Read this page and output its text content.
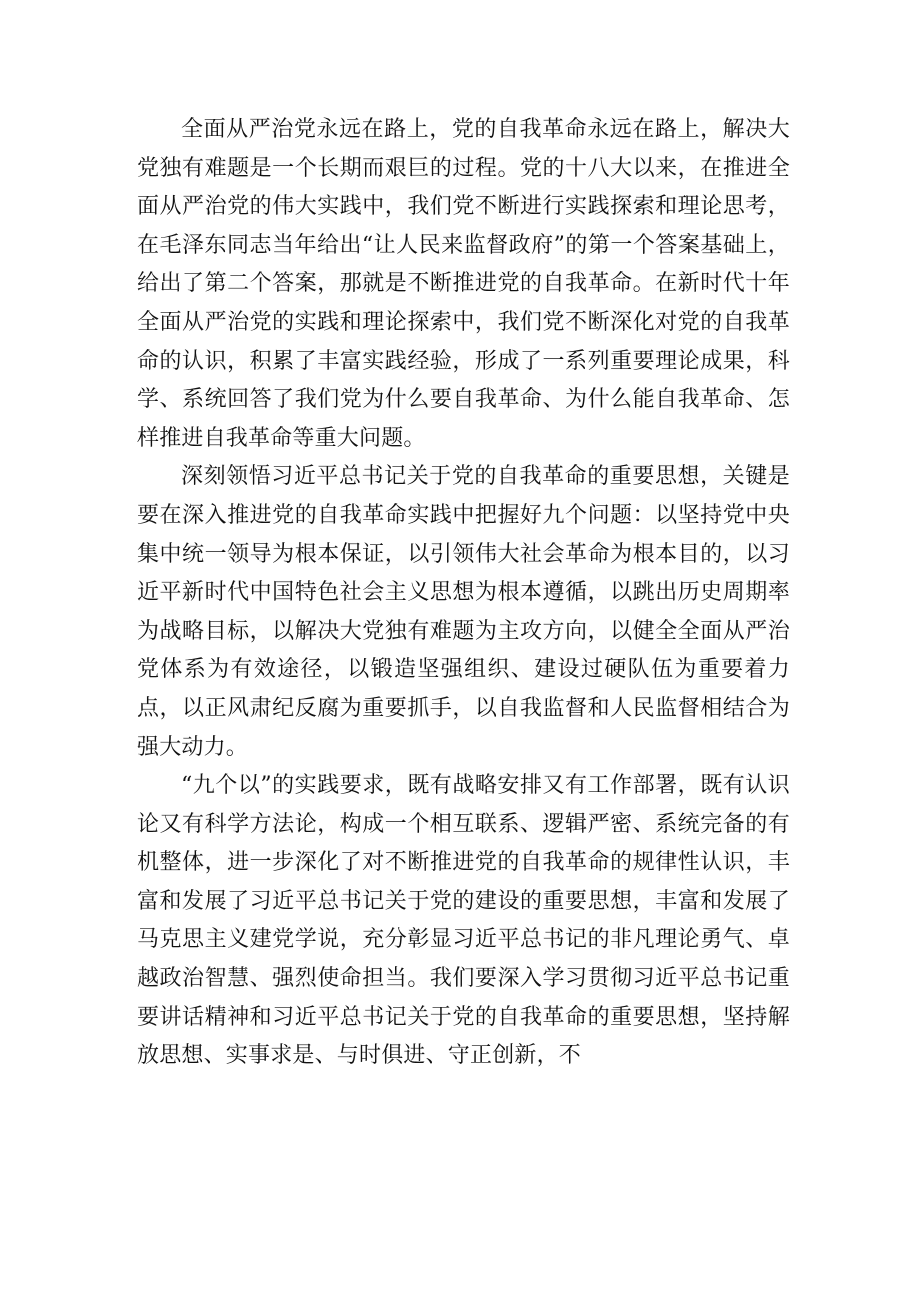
全面从严治党永远在路上，党的自我革命永远在路上，解决大党独有难题是一个长期而艰巨的过程。党的十八大以来，在推进全面从严治党的伟大实践中，我们党不断进行实践探索和理论思考，在毛泽东同志当年给出“让人民来监督政府”的第一个答案基础上，给出了第二个答案，那就是不断推进党的自我革命。在新时代十年全面从严治党的实践和理论探索中，我们党不断深化对党的自我革命的认识，积累了丰富实践经验，形成了一系列重要理论成果，科学、系统回答了我们党为什么要自我革命、为什么能自我革命、怎样推进自我革命等重大问题。

深刻领悟习近平总书记关于党的自我革命的重要思想，关键是要在深入推进党的自我革命实践中把握好九个问题：以坚持党中央集中统一领导为根本保证，以引领伟大社会革命为根本目的，以习近平新时代中国特色社会主义思想为根本遵循，以跳出历史周期率为战略目标，以解决大党独有难题为主攻方向，以健全全面从严治党体系为有效途径，以锻造坚强组织、建设过硬队伍为重要着力点，以正风肃纪反腐为重要抓手，以自我监督和人民监督相结合为强大动力。

“九个以”的实践要求，既有战略安排又有工作部署，既有认识论又有科学方法论，构成一个相互联系、逻辑严密、系统完备的有机整体，进一步深化了对不断推进党的自我革命的规律性认识，丰富和发展了习近平总书记关于党的建设的重要思想，丰富和发展了马克思主义建党学说，充分彰显习近平总书记的非凡理论勇气、卓越政治智慧、强烈使命担当。我们要深入学习贯彻习近平总书记重要讲话精神和习近平总书记关于党的自我革命的重要思想，坚持解放思想、实事求是、与时俱进、守正创新，不
